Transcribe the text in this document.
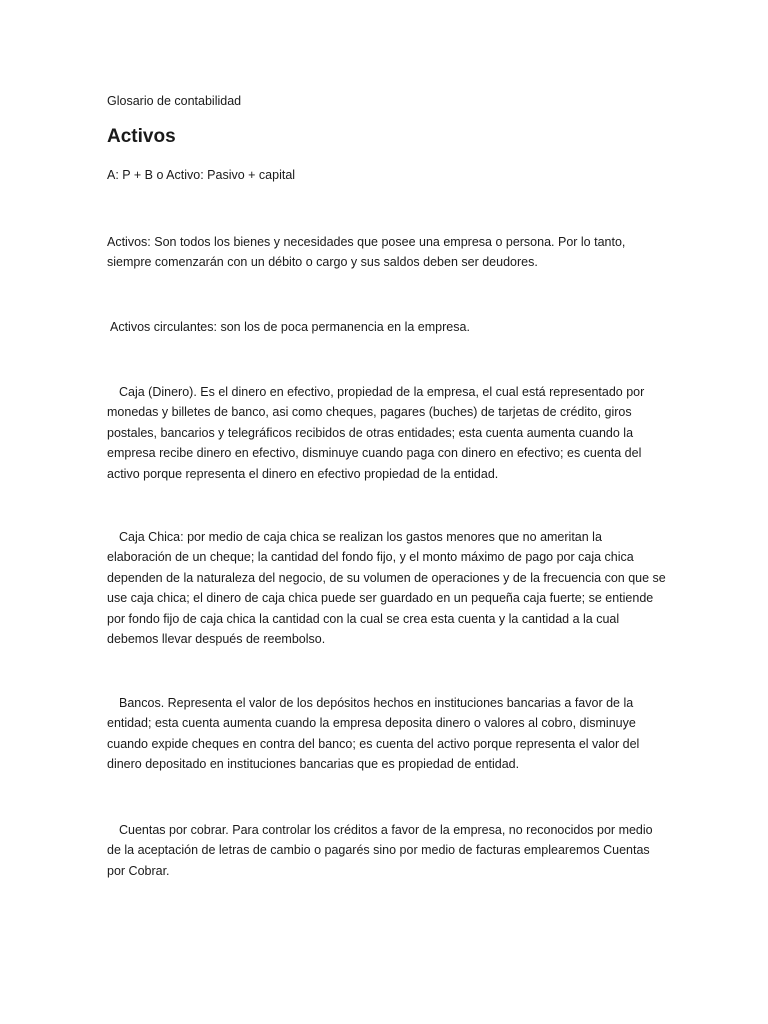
Glosario de contabilidad
Activos
A: P + B o Activo: Pasivo + capital

Activos: Son todos los bienes y necesidades que posee una empresa o persona. Por lo tanto, siempre comenzarán con un débito o cargo y sus saldos deben ser deudores.

Activos circulantes: son los de poca permanencia en la empresa.

Caja (Dinero). Es el dinero en efectivo, propiedad de la empresa, el cual está representado por monedas y billetes de banco, asi como cheques, pagares (buches) de tarjetas de crédito, giros postales, bancarios y telegráficos recibidos de otras entidades; esta cuenta aumenta cuando la empresa recibe dinero en efectivo, disminuye cuando paga con dinero en efectivo; es cuenta del activo porque representa el dinero en efectivo propiedad de la entidad.

Caja Chica: por medio de caja chica se realizan los gastos menores que no ameritan la elaboración de un cheque; la cantidad del fondo fijo, y el monto máximo de pago por caja chica dependen de la naturaleza del negocio, de su volumen de operaciones y de la frecuencia con que se use caja chica; el dinero de caja chica puede ser guardado en un pequeña caja fuerte; se entiende por fondo fijo de caja chica la cantidad con la cual se crea esta cuenta y la cantidad a la cual debemos llevar después de reembolso.

Bancos. Representa el valor de los depósitos hechos en instituciones bancarias a favor de la entidad; esta cuenta aumenta cuando la empresa deposita dinero o valores al cobro, disminuye cuando expide cheques en contra del banco; es cuenta del activo porque representa el valor del dinero depositado en instituciones bancarias que es propiedad de entidad.

Cuentas por cobrar. Para controlar los créditos a favor de la empresa, no reconocidos por medio de la aceptación de letras de cambio o pagarés sino por medio de facturas emplearemos Cuentas por Cobrar.
